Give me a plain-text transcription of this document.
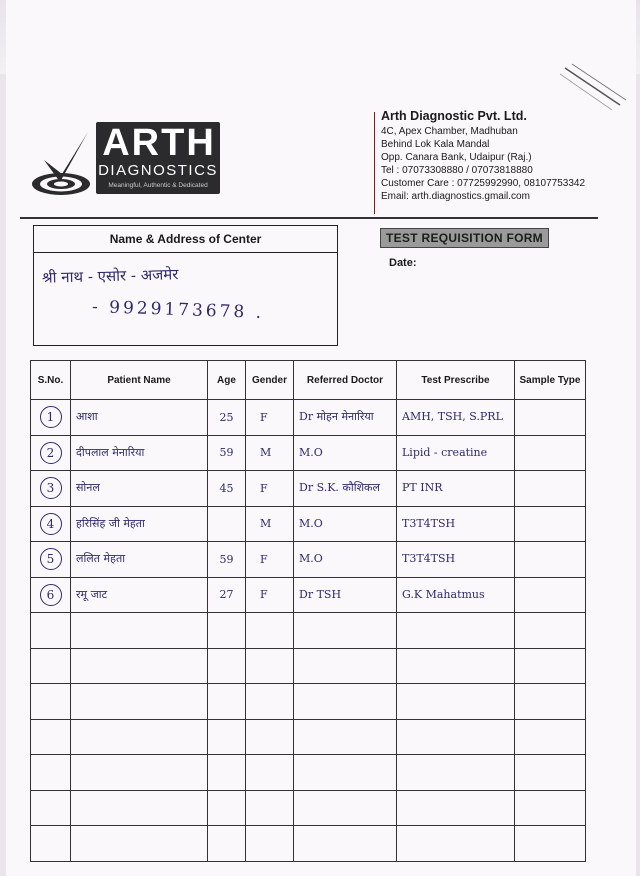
ARTH
DIAGNOSTICS
Meaningful, Authentic & Dedicated
Arth Diagnostic Pvt. Ltd.
4C, Apex Chamber, Madhuban
Behind Lok Kala Mandal
Opp. Canara Bank, Udaipur (Raj.)
Tel : 07073308880 / 07073818880
Customer Care : 07725992990, 08107753342
Email: arth.diagnostics.gmail.com
Name & Address of Center
श्री नाथ - एसोर - अजमेर
- 9929173678 .
TEST REQUISITION FORM
Date:
S.No.	Patient Name	Age	Gender	Referred Doctor	Test Prescribe	Sample Type
1	आशा	25	F	Dr मोहन मेनारिया	AMH, TSH, S.PRL	
2	दीपलाल मेनारिया	59	M	M.O	Lipid - creatine	
3	सोनल	45	F	Dr S.K. कौशिकल	PT INR	
4	हरिसिंह जी मेहता		M	M.O	T3T4TSH	
5	ललित मेहता	59	F	M.O	T3T4TSH	
6	रमू जाट	27	F	Dr TSH	G.K Mahatmus	
